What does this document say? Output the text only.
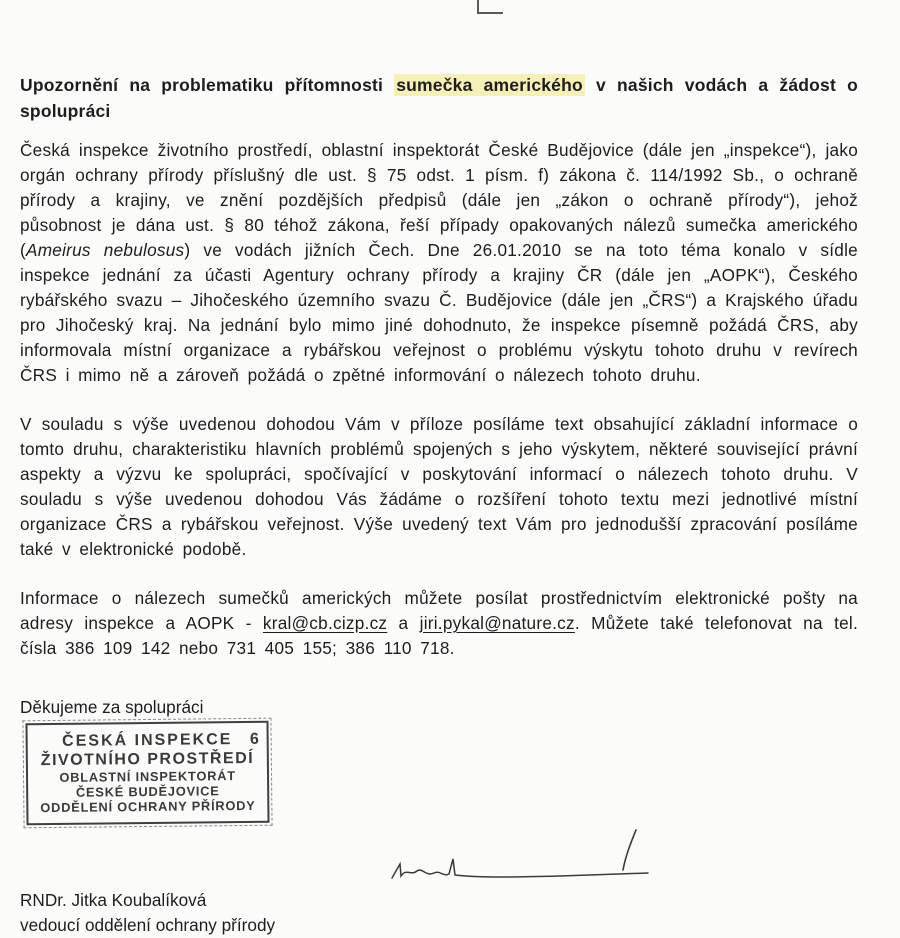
Upozornění na problematiku přítomnosti sumečka amerického v našich vodách a žádost o spolupráci

Česká inspekce životního prostředí, oblastní inspektorát České Budějovice (dále jen „inspekce“), jako orgán ochrany přírody příslušný dle ust. § 75 odst. 1 písm. f) zákona č. 114/1992 Sb., o ochraně přírody a krajiny, ve znění pozdějších předpisů (dále jen „zákon o ochraně přírody“), jehož působnost je dána ust. § 80 téhož zákona, řeší případy opakovaných nálezů sumečka amerického (Ameirus nebulosus) ve vodách jižních Čech. Dne 26.01.2010 se na toto téma konalo v sídle inspekce jednání za účasti Agentury ochrany přírody a krajiny ČR (dále jen „AOPK“), Českého rybářského svazu – Jihočeského územního svazu Č. Budějovice (dále jen „ČRS“) a Krajského úřadu pro Jihočeský kraj. Na jednání bylo mimo jiné dohodnuto, že inspekce písemně požádá ČRS, aby informovala místní organizace a rybářskou veřejnost o problému výskytu tohoto druhu v revírech ČRS i mimo ně a zároveň požádá o zpětné informování o nálezech tohoto druhu.

V souladu s výše uvedenou dohodou Vám v příloze posíláme text obsahující základní informace o tomto druhu, charakteristiku hlavních problémů spojených s jeho výskytem, některé související právní aspekty a výzvu ke spolupráci, spočívající v poskytování informací o nálezech tohoto druhu. V souladu s výše uvedenou dohodou Vás žádáme o rozšíření tohoto textu mezi jednotlivé místní organizace ČRS a rybářskou veřejnost. Výše uvedený text Vám pro jednodušší zpracování posíláme také v elektronické podobě.

Informace o nálezech sumečků amerických můžete posílat prostřednictvím elektronické pošty na adresy inspekce a AOPK - kral@cb.cizp.cz a jiri.pykal@nature.cz. Můžete také telefonovat na tel. čísla 386 109 142 nebo 731 405 155; 386 110 718.

Děkujeme za spolupráci
ČESKÁ INSPEKCE 6
ŽIVOTNÍHO PROSTŘEDÍ
OBLASTNÍ INSPEKTORÁT
ČESKÉ BUDĚJOVICE
ODDĚLENÍ OCHRANY PŘÍRODY
RNDr. Jitka Koubalíková
vedoucí oddělení ochrany přírody
